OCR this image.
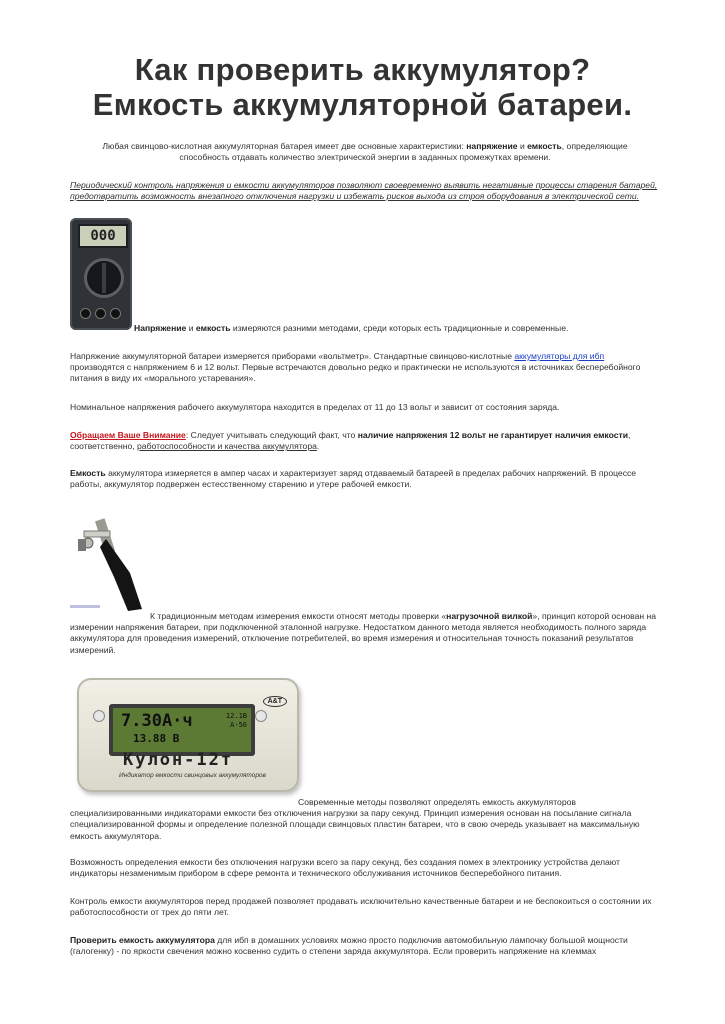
Как проверить аккумулятор?
Емкость аккумуляторной батареи.
Любая свинцово-кислотная аккумуляторная батарея имеет две основные характеристики: напряжение и емкость, определяющие
способность отдавать количество электрической энергии в заданных промежутках времени.
Периодический контроль напряжения и емкости аккумуляторов позволяют своевременно выявить негативные процессы старения батарей, предотвратить возможность внезапного отключения нагрузки и избежать рисков выхода из строя оборудования в электрической сети.
000
Напряжение и емкость измеряются разними методами, среди которых есть традиционные и современные.
Напряжение аккумуляторной батареи измеряется приборами «вольтметр». Стандартные свинцово-кислотные аккумуляторы для ибп производятся с напряжением 6 и 12 вольт. Первые встречаются довольно редко и практически не используются в источниках бесперебойного питания в виду их «морального устаревания».
Номинальное напряжения рабочего аккумулятора находится в пределах от 11 до 13 вольт и зависит от состояния заряда.
Обращаем Ваше Внимание: Следует учитывать следующий факт, что наличие напряжения 12 вольт не гарантирует наличия емкости, соответственно, работоспособности и качества аккумулятора.
Емкость аккумулятора измеряется в ампер часах и характеризует заряд отдаваемый батареей в пределах рабочих напряжений. В процессе работы, аккумулятор подвержен естесственному старению и утере рабочей емкости.
К традиционным методам измерения емкости относят методы проверки «нагрузочной вилкой», принцип которой основан на измерении напряжения батареи, при подключенной эталонной нагрузке. Недостатком данного метода является необходимость полного заряда аккумулятора для проведения измерений, отключение потребителей, во время измерения и относительная точность показаний результатов измерений.
А&Т
7.30А·ч
13.88 В
12.1В
А·56
Кулон-12т
Индикатор емкости свинцовых аккумуляторов
Современные методы позволяют определять емкость аккумуляторов
специализированными индикаторами емкости без отключения нагрузки за пару секунд. Принцип измерения основан на посылание сигнала специализированной формы и определение полезной площади свинцовых пластин батареи, что в свою очередь указывает на максимальную емкость аккумулятора.
Возможность определения емкости без отключения нагрузки всего за пару секунд, без создания помех в электронику устройства делают индикаторы незаменимым прибором в сфере ремонта и технического обслуживания источников бесперебойного питания.
Контроль емкости аккумуляторов перед продажей позволяет продавать исключительно качественные батареи и не беспокоиться о состоянии их работоспособности от трех до пяти лет.
Проверить емкость аккумулятора для ибп в домашних условиях можно просто подключив автомобильную лампочку большой мощности (галогенку) - по яркости свечения можно косвенно судить о степени заряда аккумулятора. Если проверить напряжение на клеммах
